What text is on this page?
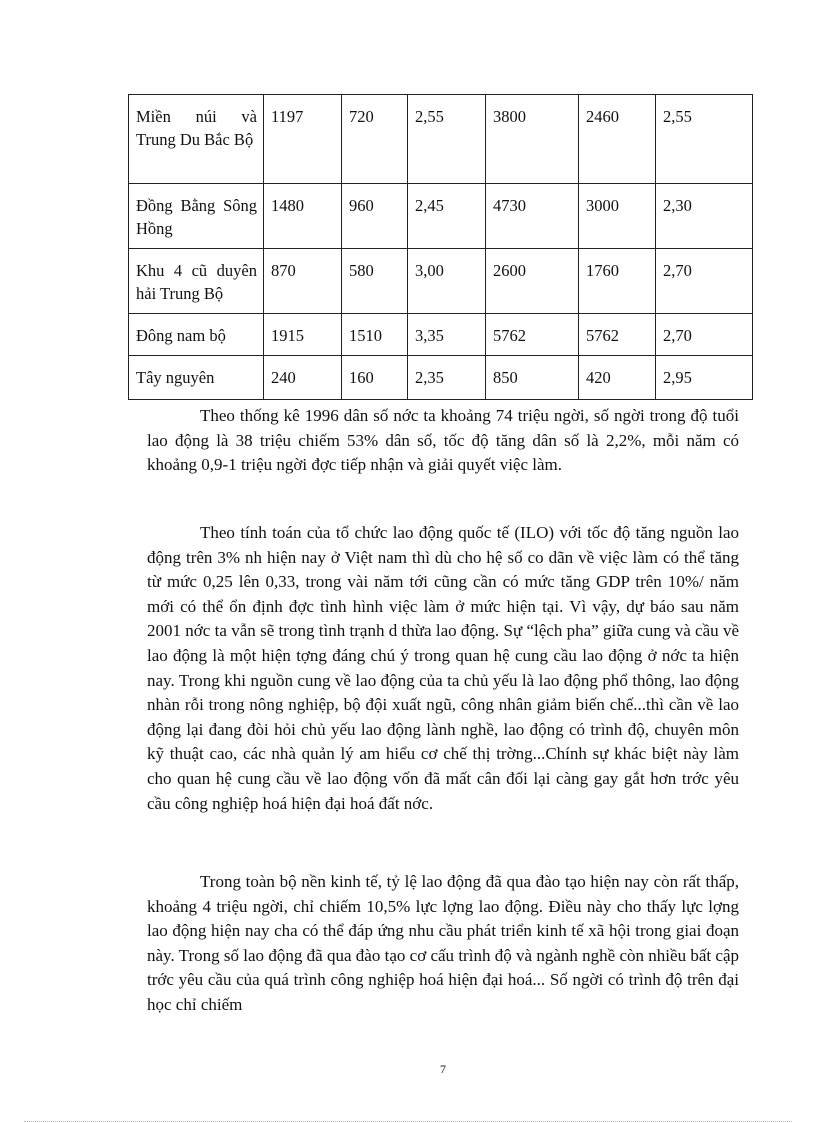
Miền núi và Trung Du Bắc Bộ	1197	720	2,55	3800	2460	2,55
Đồng Bằng Sông Hồng	1480	960	2,45	4730	3000	2,30
Khu 4 cũ duyên hải Trung Bộ	870	580	3,00	2600	1760	2,70
Đông nam bộ	1915	1510	3,35	5762	5762	2,70
Tây nguyên	240	160	2,35	850	420	2,95

Theo thống kê 1996 dân số nớc ta khoảng 74 triệu ngời, số ngời trong độ tuổi lao động là 38 triệu chiếm 53% dân số, tốc độ tăng dân số là 2,2%, mỗi năm có khoảng 0,9-1 triệu ngời đợc tiếp nhận và giải quyết việc làm.

Theo tính toán của tổ chức lao động quốc tế (ILO) với tốc độ tăng nguồn lao động trên 3% nh hiện nay ở Việt nam thì dù cho hệ số co dãn về việc làm có thể tăng từ mức 0,25 lên 0,33, trong vài năm tới cũng cần có mức tăng GDP trên 10%/ năm mới có thể ổn định đợc tình hình việc làm ở mức hiện tại. Vì vậy, dự báo sau năm 2001 nớc ta vẫn sẽ trong tình trạnh d thừa lao động. Sự “lệch pha” giữa cung và cầu về lao động là một hiện tợng đáng chú ý trong quan hệ cung cầu lao động ở nớc ta hiện nay. Trong khi nguồn cung về lao động của ta chủ yếu là lao động phổ thông, lao động nhàn rỗi trong nông nghiệp, bộ đội xuất ngũ, công nhân giảm biến chế...thì cần về lao động lại đang đòi hỏi chủ yếu lao động lành nghề, lao động có trình độ, chuyên môn kỹ thuật cao, các nhà quản lý am hiểu cơ chế thị trờng...Chính sự khác biệt này làm cho quan hệ cung cầu về lao động vốn đã mất cân đối lại càng gay gắt hơn trớc yêu cầu công nghiệp hoá hiện đại hoá đất nớc.

Trong toàn bộ nền kinh tế, tỷ lệ lao động đã qua đào tạo hiện nay còn rất thấp, khoảng 4 triệu ngời, chỉ chiếm 10,5% lực lợng lao động. Điều này cho thấy lực lợng lao động hiện nay cha có thể đáp ứng nhu cầu phát triển kinh tế xã hội trong giai đoạn này. Trong số lao động đã qua đào tạo cơ cấu trình độ và ngành nghề còn nhiều bất cập trớc yêu cầu của quá trình công nghiệp hoá hiện đại hoá... Số ngời có trình độ trên đại học chỉ chiếm

7
